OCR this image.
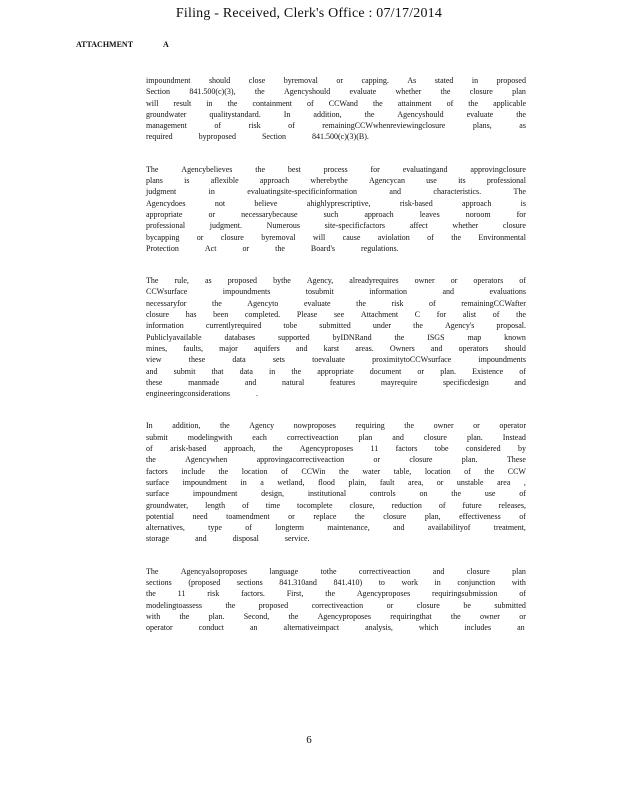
Filing - Received, Clerk's Office : 07/17/2014
ATTACHMENT	A
impoundment should close byremoval or capping. As stated in proposed
Section 841.500(c)(3), the Agencyshould evaluate whether the closure plan
will result in the containment of CCWand the attainment of the applicable
groundwater	qualitystandard.	In	addition,	the	Agencyshould	evaluate	the
management	of	risk	of	remainingCCWwhenreviewingclosure	plans,	as
required	byproposed	Section	841.500(c)(3)(B).
The	Agencybelieves	the	best	process	for	evaluatingand	approvingclosure
plans	is	aflexible	approach	wherebythe	Agencycan	use	its	professional
judgment	in	evaluatingsite-specificinformation	and	characteristics.	The
Agencydoes	not	believe	ahighlyprescriptive,	risk-based	approach	is
appropriate	or	necessarybecause	such	approach	leaves	noroom	for
professional	judgment.	Numerous	site-specificfactors	affect	whether	closure
bycapping or closure byremoval will cause aviolation of the Environmental
Protection	Act	or	the	Board's	regulations.
The rule, as proposed bythe Agency, alreadyrequires owner or operators of
CCWsurface	impoundments	tosubmit	information	and	evaluations
necessaryfor	the	Agencyto	evaluate	the	risk	of	remainingCCWafter
closure has been completed. Please see Attachment C for alist of the
information	currentlyrequired	tobe	submitted	under	the	Agency's	proposal.
Publiclyavailable	databases	supported	byIDNRand	the	ISGS	map	known
mines, faults, major aquifers and karst areas. Owners and operators should
view	these	data	sets	toevaluate	proximitytoCCWsurface	impoundments
and submit that data in the appropriate document or plan. Existence of
these	manmade	and	natural	features	mayrequire	specificdesign	and
engineeringconsiderations	.
In addition, the Agency nowproposes requiring the owner or operator
submit	modelingwith	each	correctiveaction	plan	and	closure	plan.	Instead
of arisk-based approach, the Agencyproposes 11 factors tobe considered by
the	Agencywhen	approvingacorrectiveaction	or	closure	plan.	These
factors include the location of CCWin the water table, location of the CCW
surface impoundment in a wetland, flood plain, fault area, or unstable area ,
surface	impoundment	design,	institutional	controls	on	the	use	of
groundwater, length of time tocomplete closure, reduction of future releases,
potential need toamendment or replace the closure plan, effectiveness of
alternatives,	type	of	longterm	maintenance,	and	availabilityof	treatment,
storage	and	disposal	service.
The	Agencyalsoproposes	language	tothe	correctiveaction	and	closure	plan
sections (proposed sections 841.310and 841.410) to work in conjunction with
the	11	risk	factors.	First,	the	Agencyproposes	requiringsubmission	of
modelingtoassess	the	proposed	correctiveaction	or	closure	be	submitted
with the plan. Second, the Agencyproposes requiringthat the owner or
operator	conduct	an	alternativeimpact	analysis,	which	includes	an
6
